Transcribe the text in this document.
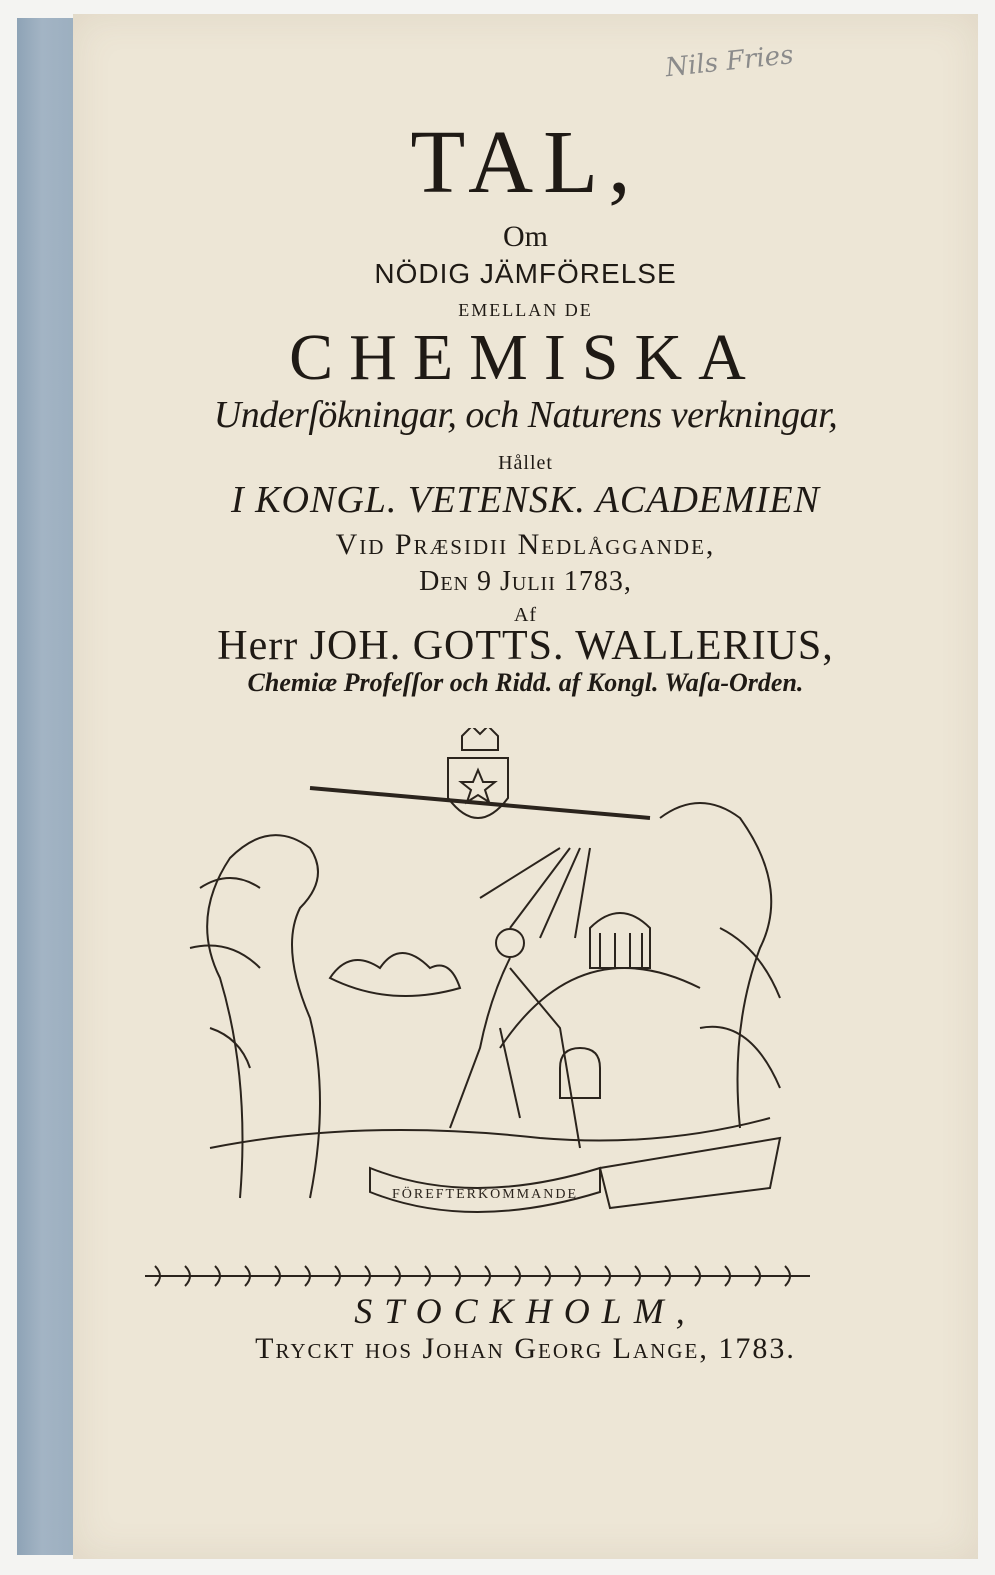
Nils Fries
TAL,
Om
NÖDIG JÄMFÖRELSE
EMELLAN DE
CHEMISKA
Underſökningar, och Naturens verkningar,
Hållet
I KONGL. VETENSK. ACADEMIEN
Vid Præsidii Nedlåggande,
Den 9 Julii 1783,
Af
Herr JOH. GOTTS. WALLERIUS,
Chemiæ Profeſſor och Ridd. af Kongl. Waſa-Orden.
FÖREFTERKOMMANDE
STOCKHOLM,
Tryckt hos Johan Georg Lange, 1783.
